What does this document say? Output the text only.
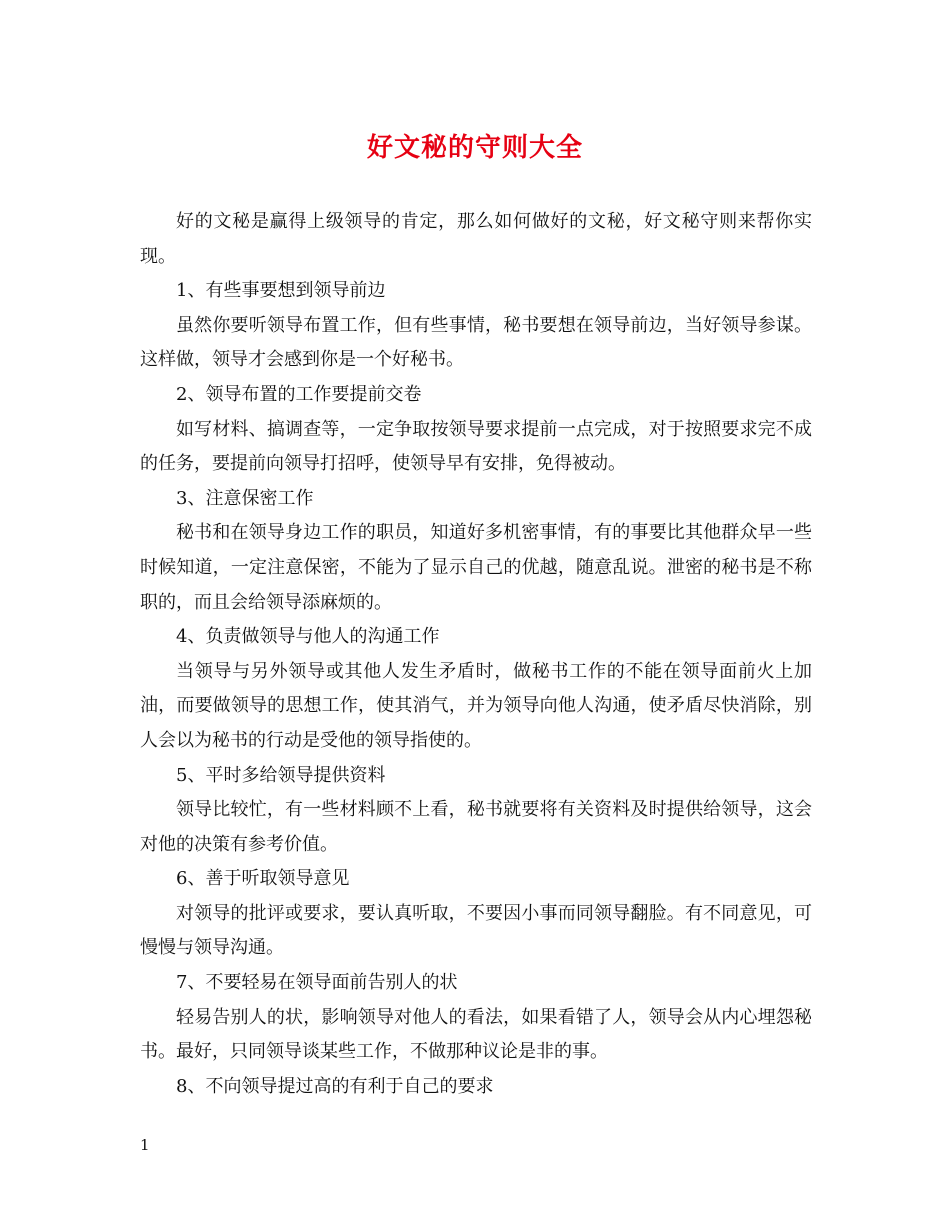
好文秘的守则大全

好的文秘是赢得上级领导的肯定，那么如何做好的文秘，好文秘守则来帮你实现。

1、有些事要想到领导前边

虽然你要听领导布置工作，但有些事情，秘书要想在领导前边，当好领导参谋。这样做，领导才会感到你是一个好秘书。

2、领导布置的工作要提前交卷

如写材料、搞调查等，一定争取按领导要求提前一点完成，对于按照要求完不成的任务，要提前向领导打招呼，使领导早有安排，免得被动。

3、注意保密工作

秘书和在领导身边工作的职员，知道好多机密事情，有的事要比其他群众早一些时候知道，一定注意保密，不能为了显示自己的优越，随意乱说。泄密的秘书是不称职的，而且会给领导添麻烦的。

4、负责做领导与他人的沟通工作

当领导与另外领导或其他人发生矛盾时，做秘书工作的不能在领导面前火上加油，而要做领导的思想工作，使其消气，并为领导向他人沟通，使矛盾尽快消除，别人会以为秘书的行动是受他的领导指使的。

5、平时多给领导提供资料

领导比较忙，有一些材料顾不上看，秘书就要将有关资料及时提供给领导，这会对他的决策有参考价值。

6、善于听取领导意见

对领导的批评或要求，要认真听取，不要因小事而同领导翻脸。有不同意见，可慢慢与领导沟通。

7、不要轻易在领导面前告别人的状

轻易告别人的状，影响领导对他人的看法，如果看错了人，领导会从内心埋怨秘书。最好，只同领导谈某些工作，不做那种议论是非的事。

8、不向领导提过高的有利于自己的要求

1
